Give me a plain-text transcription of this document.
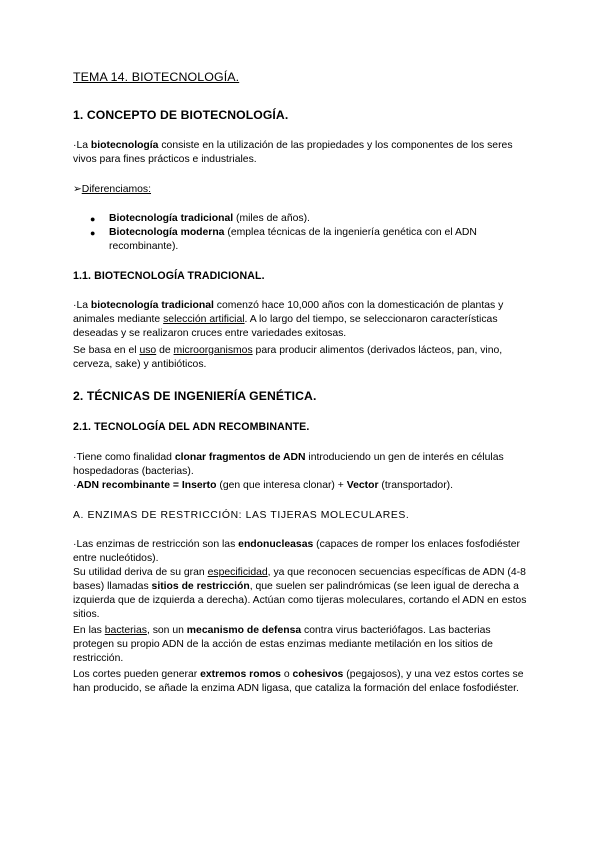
TEMA 14. BIOTECNOLOGÍA.
1. CONCEPTO DE BIOTECNOLOGÍA.
·La biotecnología consiste en la utilización de las propiedades y los componentes de los seres vivos para fines prácticos e industriales.
➢Diferenciamos:
● Biotecnología tradicional (miles de años).
● Biotecnología moderna (emplea técnicas de la ingeniería genética con el ADN recombinante).
1.1. BIOTECNOLOGÍA TRADICIONAL.
·La biotecnología tradicional comenzó hace 10,000 años con la domesticación de plantas y animales mediante selección artificial. A lo largo del tiempo, se seleccionaron características deseadas y se realizaron cruces entre variedades exitosas.
Se basa en el uso de microorganismos para producir alimentos (derivados lácteos, pan, vino, cerveza, sake) y antibióticos.
2. TÉCNICAS DE INGENIERÍA GENÉTICA.
2.1. TECNOLOGÍA DEL ADN RECOMBINANTE.
·Tiene como finalidad clonar fragmentos de ADN introduciendo un gen de interés en células hospedadoras (bacterias).
·ADN recombinante = Inserto (gen que interesa clonar) + Vector (transportador).
A. ENZIMAS DE RESTRICCIÓN: LAS TIJERAS MOLECULARES.
·Las enzimas de restricción son las endonucleasas (capaces de romper los enlaces fosfodiéster entre nucleótidos).
Su utilidad deriva de su gran especificidad, ya que reconocen secuencias específicas de ADN (4-8 bases) llamadas sitios de restricción, que suelen ser palindrómicas (se leen igual de derecha a izquierda que de izquierda a derecha). Actúan como tijeras moleculares, cortando el ADN en estos sitios.
En las bacterias, son un mecanismo de defensa contra virus bacteriófagos. Las bacterias protegen su propio ADN de la acción de estas enzimas mediante metilación en los sitios de restricción.
Los cortes pueden generar extremos romos o cohesivos (pegajosos), y una vez estos cortes se han producido, se añade la enzima ADN ligasa, que cataliza la formación del enlace fosfodiéster.
